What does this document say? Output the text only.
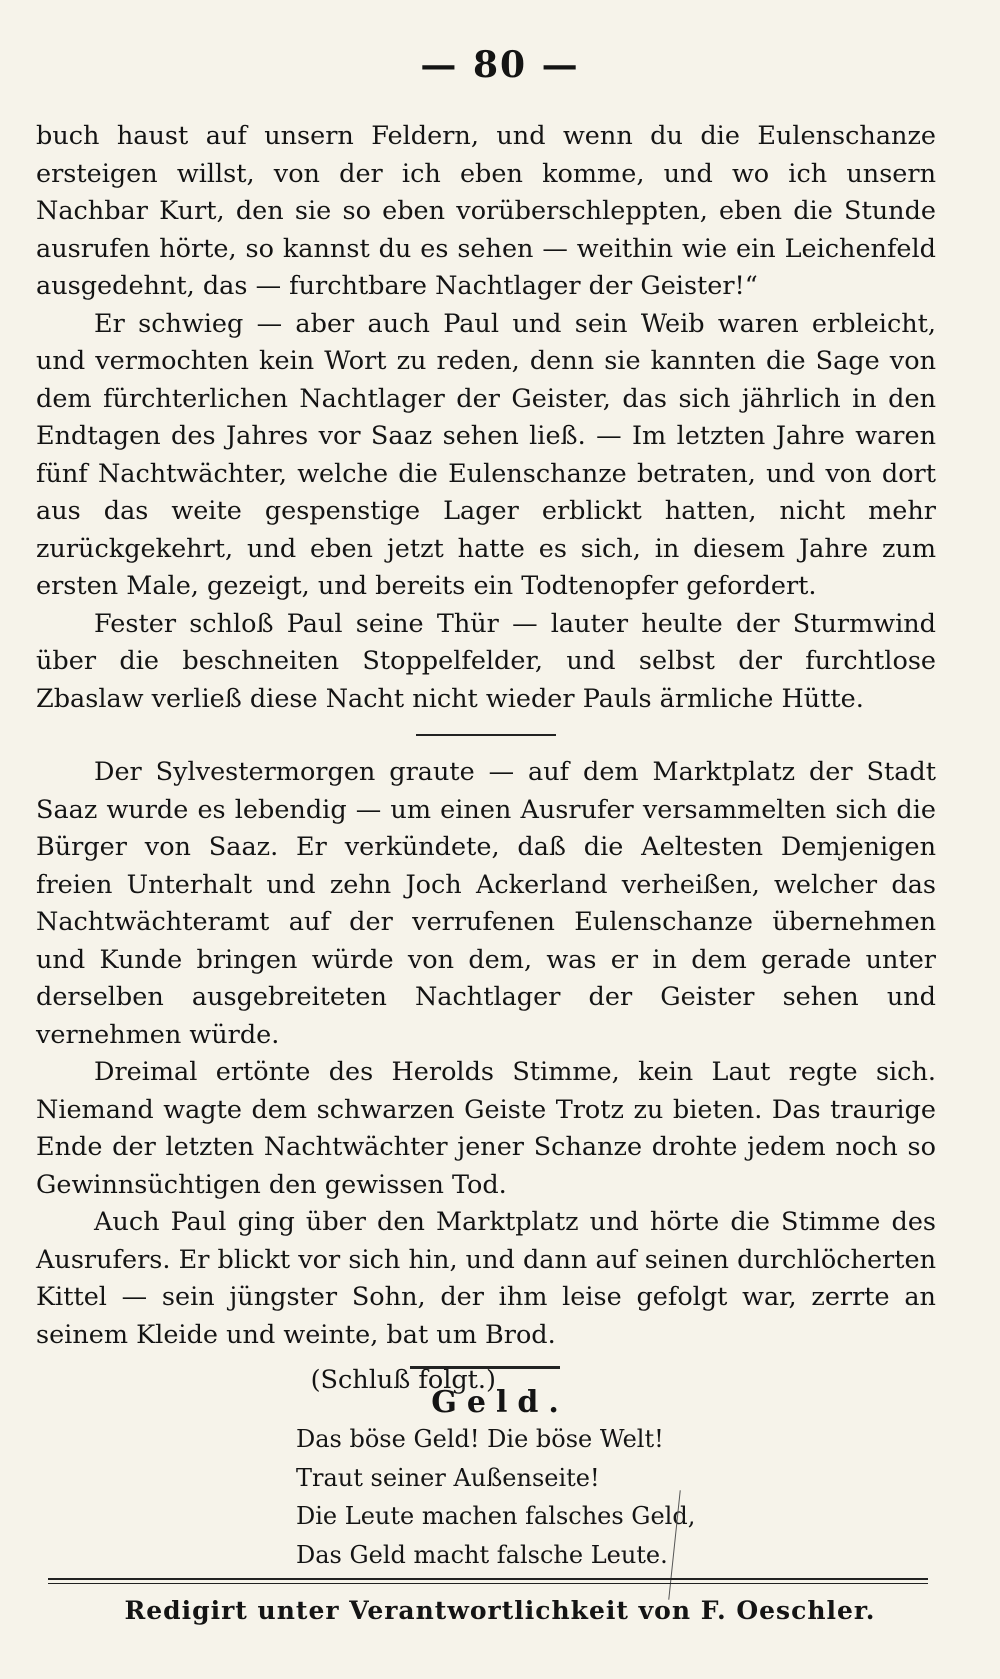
— 80 —

buch haust auf unsern Feldern, und wenn du die Eulenschanze ersteigen willst, von der ich eben komme, und wo ich unsern Nachbar Kurt, den sie so eben vorüberschleppten, eben die Stunde ausrufen hörte, so kannst du es sehen — weithin wie ein Leichenfeld ausgedehnt, das — furchtbare Nachtlager der Geister!“

Er schwieg — aber auch Paul und sein Weib waren erbleicht, und vermochten kein Wort zu reden, denn sie kannten die Sage von dem fürchterlichen Nachtlager der Geister, das sich jährlich in den Endtagen des Jahres vor Saaz sehen ließ. — Im letzten Jahre waren fünf Nachtwächter, welche die Eulenschanze betraten, und von dort aus das weite gespenstige Lager erblickt hatten, nicht mehr zurückgekehrt, und eben jetzt hatte es sich, in diesem Jahre zum ersten Male, gezeigt, und bereits ein Todtenopfer gefordert.

Fester schloß Paul seine Thür — lauter heulte der Sturmwind über die beschneiten Stoppelfelder, und selbst der furchtlose Zbaslaw verließ diese Nacht nicht wieder Pauls ärmliche Hütte.

Der Sylvestermorgen graute — auf dem Marktplatz der Stadt Saaz wurde es lebendig — um einen Ausrufer versammelten sich die Bürger von Saaz. Er verkündete, daß die Aeltesten Demjenigen freien Unterhalt und zehn Joch Ackerland verheißen, welcher das Nachtwächteramt auf der verrufenen Eulenschanze übernehmen und Kunde bringen würde von dem, was er in dem gerade unter derselben ausgebreiteten Nachtlager der Geister sehen und vernehmen würde.

Dreimal ertönte des Herolds Stimme, kein Laut regte sich. Niemand wagte dem schwarzen Geiste Trotz zu bieten. Das traurige Ende der letzten Nachtwächter jener Schanze drohte jedem noch so Gewinnsüchtigen den gewissen Tod.

Auch Paul ging über den Marktplatz und hörte die Stimme des Ausrufers. Er blickt vor sich hin, und dann auf seinen durchlöcherten Kittel — sein jüngster Sohn, der ihm leise gefolgt war, zerrte an seinem Kleide und weinte, bat um Brod.

(Schluß folgt.)
Geld.
Das böse Geld! Die böse Welt!
Traut seiner Außenseite!
Die Leute machen falsches Geld,
Das Geld macht falsche Leute.
Redigirt unter Verantwortlichkeit von F. Oeschler.
